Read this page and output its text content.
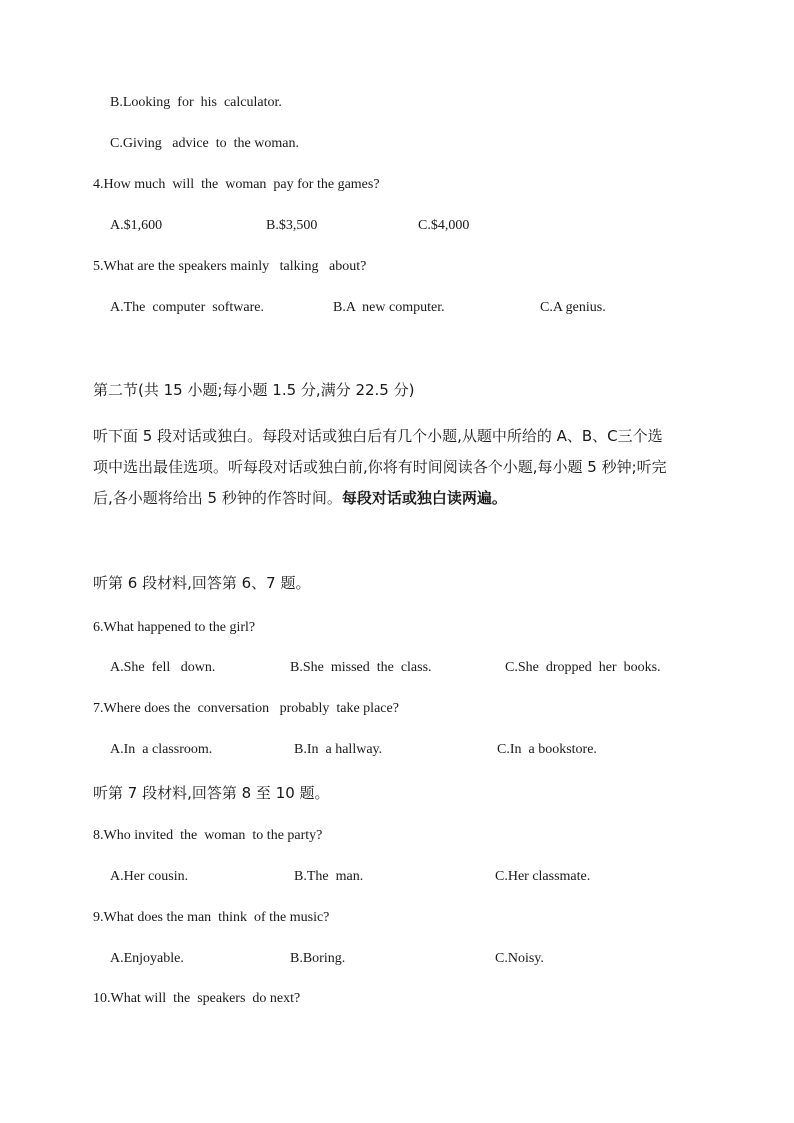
B.Looking  for  his  calculator.
C.Giving   advice  to  the woman.
4.How much  will  the  woman  pay for the games?
A.$1,600	B.$3,500	C.$4,000
5.What are the speakers mainly   talking   about?
A.The  computer  software.	B.A  new computer.	C.A genius.
第二节(共 15 小题;每小题 1.5 分,满分 22.5 分)
听下面 5 段对话或独白。每段对话或独白后有几个小题,从题中所给的 A、B、C三个选
项中选出最佳选项。听每段对话或独白前,你将有时间阅读各个小题,每小题 5 秒钟;听完
后,各小题将给出 5 秒钟的作答时间。每段对话或独白读两遍。
听第 6 段材料,回答第 6、7 题。
6.What happened to the girl?
A.She  fell   down.	B.She  missed  the  class.	C.She  dropped  her  books.
7.Where does the  conversation   probably  take place?
A.In  a classroom.	B.In  a hallway.	C.In  a bookstore.
听第 7 段材料,回答第 8 至 10 题。
8.Who invited  the  woman  to the party?
A.Her cousin.	B.The  man.	C.Her classmate.
9.What does the man  think  of the music?
A.Enjoyable.	B.Boring.	C.Noisy.
10.What will  the  speakers  do next?
